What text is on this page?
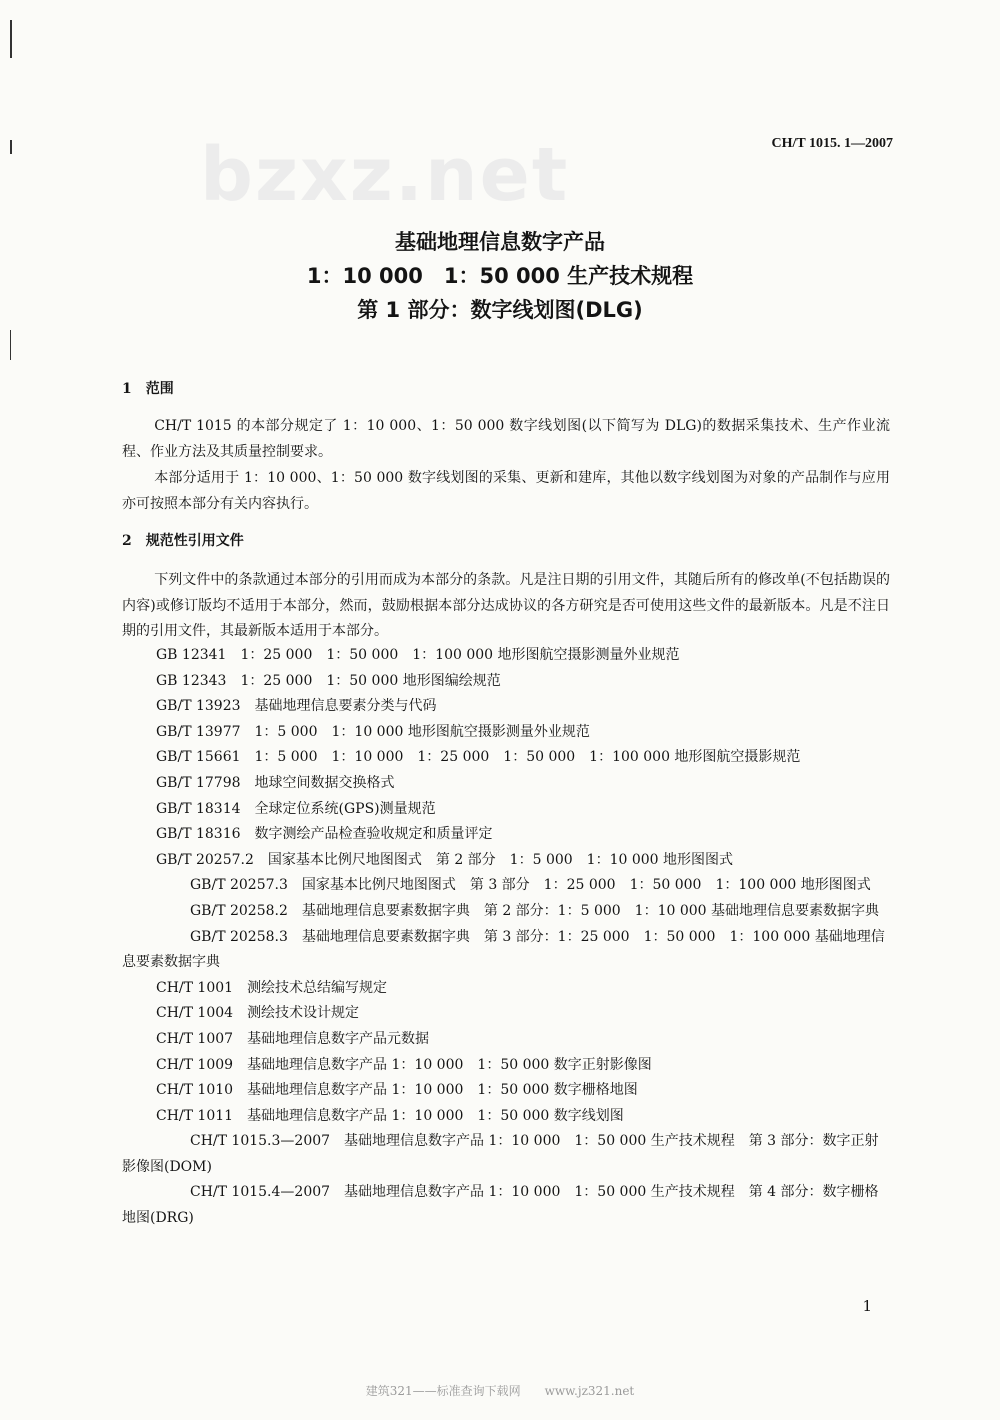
bzxz.net	CH/T 1015. 1—2007
基础地理信息数字产品
1：10 000　1：50 000 生产技术规程
第 1 部分：数字线划图(DLG)
1　范围
CH/T 1015 的本部分规定了 1：10 000、1：50 000 数字线划图(以下简写为 DLG)的数据采集技术、生产作业流程、作业方法及其质量控制要求。
本部分适用于 1：10 000、1：50 000 数字线划图的采集、更新和建库，其他以数字线划图为对象的产品制作与应用亦可按照本部分有关内容执行。
2　规范性引用文件
下列文件中的条款通过本部分的引用而成为本部分的条款。凡是注日期的引用文件，其随后所有的修改单(不包括勘误的内容)或修订版均不适用于本部分，然而，鼓励根据本部分达成协议的各方研究是否可使用这些文件的最新版本。凡是不注日期的引用文件，其最新版本适用于本部分。
GB 12341　 1：25 000　1：50 000　1：100 000 地形图航空摄影测量外业规范
GB 12343　 1：25 000　1：50 000 地形图编绘规范
GB/T 13923　 基础地理信息要素分类与代码
GB/T 13977　 1：5 000　1：10 000 地形图航空摄影测量外业规范
GB/T 15661　 1：5 000　1：10 000　1：25 000　1：50 000　1：100 000 地形图航空摄影规范
GB/T 17798　 地球空间数据交换格式
GB/T 18314　 全球定位系统(GPS)测量规范
GB/T 18316　 数字测绘产品检查验收规定和质量评定
GB/T 20257.2　 国家基本比例尺地图图式　第 2 部分　1：5 000　1：10 000 地形图图式
GB/T 20257.3　 国家基本比例尺地图图式　第 3 部分　1：25 000　1：50 000　1：100 000 地形图图式
GB/T 20258.2　 基础地理信息要素数据字典　第 2 部分：1：5 000　1：10 000 基础地理信息要素数据字典
GB/T 20258.3　 基础地理信息要素数据字典　第 3 部分：1：25 000　1：50 000　1：100 000 基础地理信息要素数据字典
CH/T 1001　 测绘技术总结编写规定
CH/T 1004　 测绘技术设计规定
CH/T 1007　 基础地理信息数字产品元数据
CH/T 1009　 基础地理信息数字产品 1：10 000　1：50 000 数字正射影像图
CH/T 1010　 基础地理信息数字产品 1：10 000　1：50 000 数字栅格地图
CH/T 1011　 基础地理信息数字产品 1：10 000　1：50 000 数字线划图
CH/T 1015.3—2007　 基础地理信息数字产品 1：10 000　1：50 000 生产技术规程　第 3 部分：数字正射影像图(DOM)
CH/T 1015.4—2007　 基础地理信息数字产品 1：10 000　1：50 000 生产技术规程　第 4 部分：数字栅格地图(DRG)
1
建筑321——标准查询下载网　　www.jz321.net
